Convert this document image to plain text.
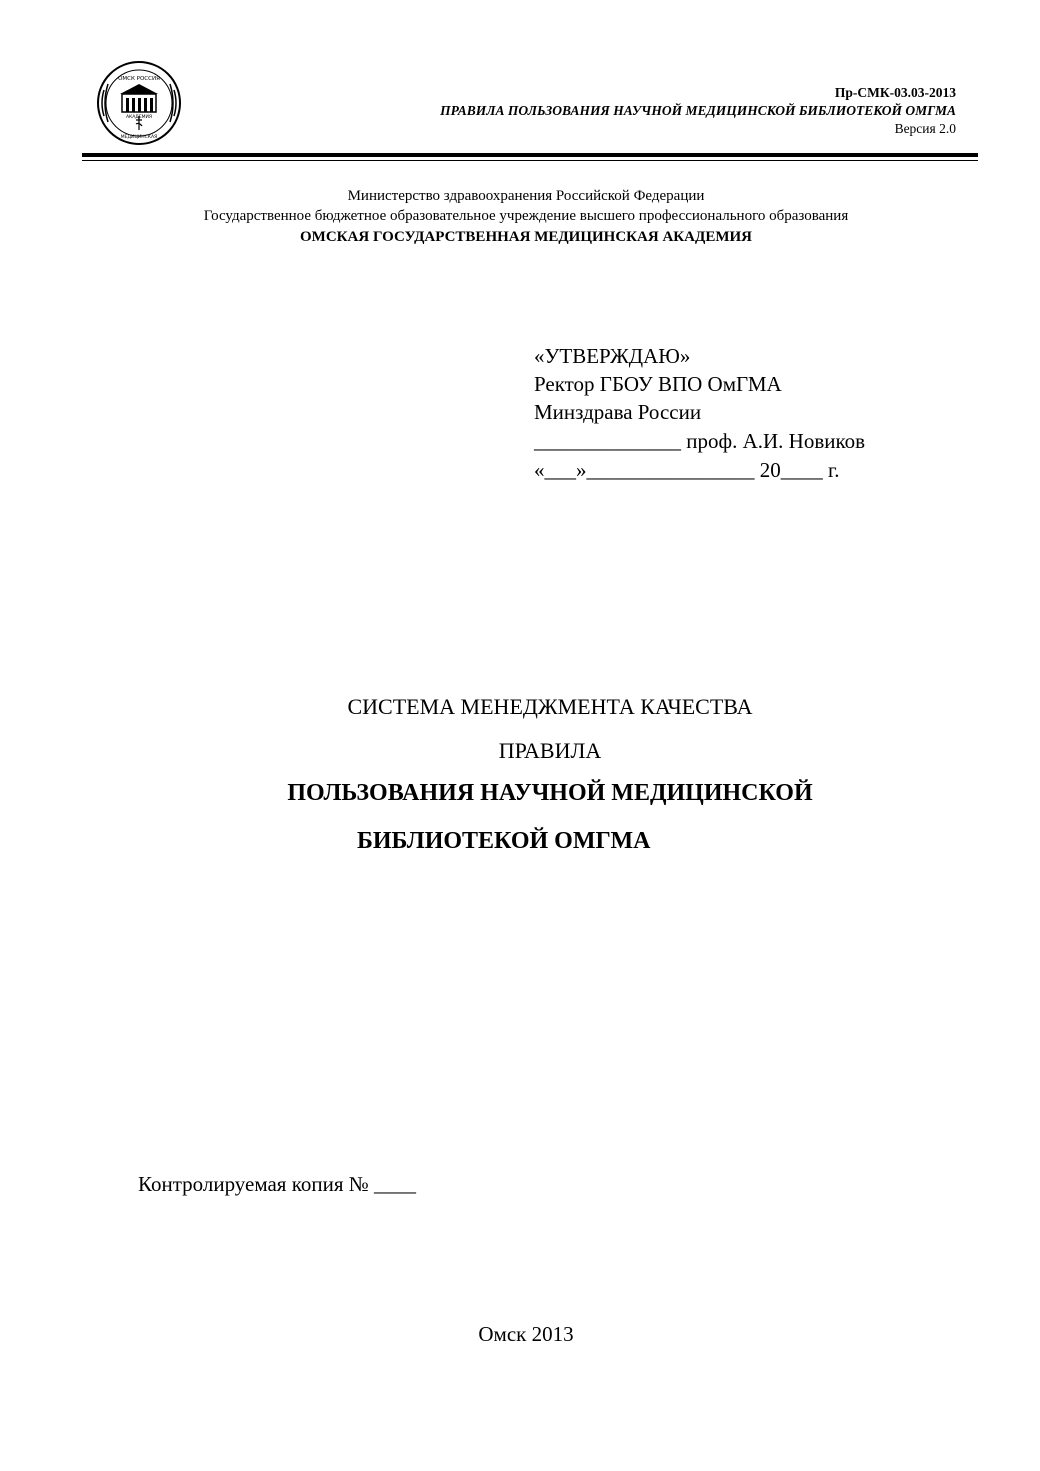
ОМСК РОССИЯ
АКАДЕМИЯ
МЕДИЦИНСКАЯ
Пр-СМК-03.03-2013
ПРАВИЛА ПОЛЬЗОВАНИЯ НАУЧНОЙ МЕДИЦИНСКОЙ БИБЛИОТЕКОЙ ОМГМА
Версия 2.0
Министерство здравоохранения Российской Федерации
Государственное бюджетное образовательное учреждение высшего профессионального образования
ОМСКАЯ ГОСУДАРСТВЕННАЯ МЕДИЦИНСКАЯ АКАДЕМИЯ
«УТВЕРЖДАЮ»
Ректор ГБОУ ВПО ОмГМА
Минздрава России
______________ проф. А.И. Новиков
«___»________________ 20____ г.
СИСТЕМА МЕНЕДЖМЕНТА КАЧЕСТВА
ПРАВИЛА
ПОЛЬЗОВАНИЯ НАУЧНОЙ МЕДИЦИНСКОЙ
БИБЛИОТЕКОЙ ОМГМА
Контролируемая копия № ____
Омск 2013
